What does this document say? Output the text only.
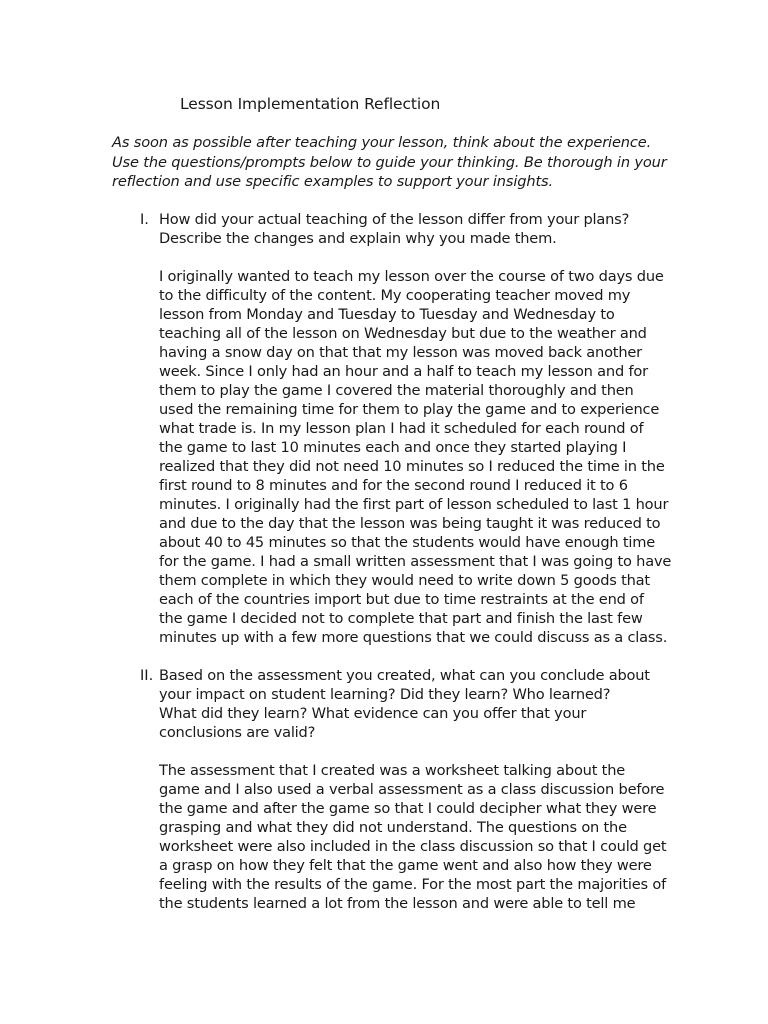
Lesson Implementation Reflection
As soon as possible after teaching your lesson, think about the experience.
Use the questions/prompts below to guide your thinking. Be thorough in your
reflection and use specific examples to support your insights.
I. How did your actual teaching of the lesson differ from your plans?
Describe the changes and explain why you made them.
I originally wanted to teach my lesson over the course of two days due
to the difficulty of the content. My cooperating teacher moved my
lesson from Monday and Tuesday to Tuesday and Wednesday to
teaching all of the lesson on Wednesday but due to the weather and
having a snow day on that that my lesson was moved back another
week. Since I only had an hour and a half to teach my lesson and for
them to play the game I covered the material thoroughly and then
used the remaining time for them to play the game and to experience
what trade is. In my lesson plan I had it scheduled for each round of
the game to last 10 minutes each and once they started playing I
realized that they did not need 10 minutes so I reduced the time in the
first round to 8 minutes and for the second round I reduced it to 6
minutes. I originally had the first part of lesson scheduled to last 1 hour
and due to the day that the lesson was being taught it was reduced to
about 40 to 45 minutes so that the students would have enough time
for the game. I had a small written assessment that I was going to have
them complete in which they would need to write down 5 goods that
each of the countries import but due to time restraints at the end of
the game I decided not to complete that part and finish the last few
minutes up with a few more questions that we could discuss as a class.
II. Based on the assessment you created, what can you conclude about
your impact on student learning? Did they learn? Who learned?
What did they learn? What evidence can you offer that your
conclusions are valid?
The assessment that I created was a worksheet talking about the
game and I also used a verbal assessment as a class discussion before
the game and after the game so that I could decipher what they were
grasping and what they did not understand. The questions on the
worksheet were also included in the class discussion so that I could get
a grasp on how they felt that the game went and also how they were
feeling with the results of the game. For the most part the majorities of
the students learned a lot from the lesson and were able to tell me
